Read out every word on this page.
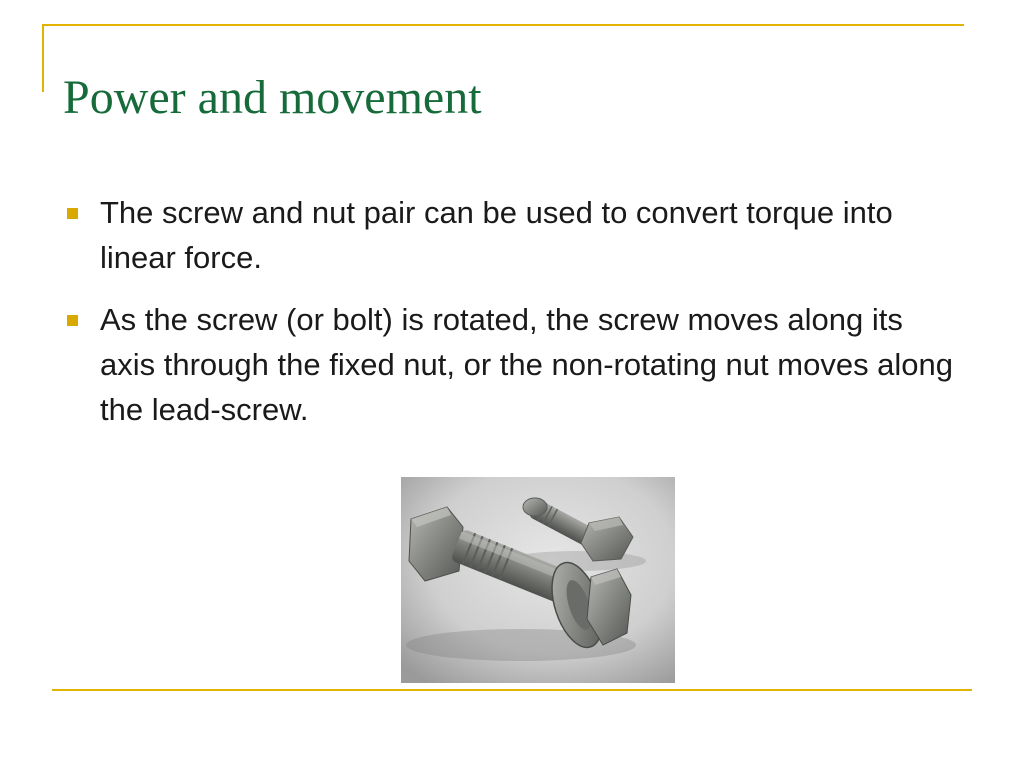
Power and movement
The screw and nut pair can be used to convert torque into linear force.
As the screw (or bolt) is rotated, the screw moves along its axis through the fixed nut, or the non-rotating nut moves along the lead-screw.
